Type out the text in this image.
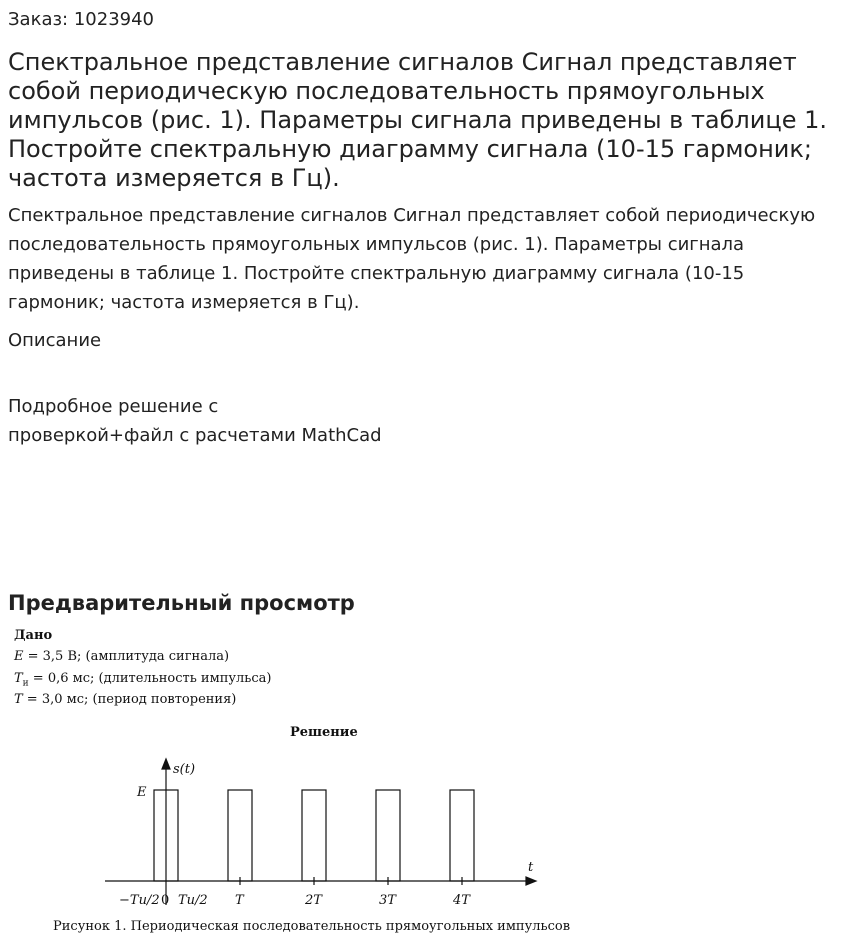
Заказ: 1023940
Спектральное представление сигналов Сигнал представляет собой периодическую последовательность прямоугольных импульсов (рис. 1). Параметры сигнала приведены в таблице 1. Постройте спектральную диаграмму сигнала (10-15 гармоник; частота измеряется в Гц).
Спектральное представление сигналов Сигнал представляет собой периодическую последовательность прямоугольных импульсов (рис. 1). Параметры сигнала приведены в таблице 1. Постройте спектральную диаграмму сигнала (10-15 гармоник; частота измеряется в Гц).
Описание
Подробное решение с
проверкой+файл с расчетами MathCad
Предварительный просмотр
Дано
E = 3,5 В; (амплитуда сигнала)
$T_и = 0,6$ мс; (длительность импульса)
T = 3,0 мс; (период повторения)
Решение
s(t)
t
E
−Tи/2 0 Tи/2 T	2T	3T	4T
Рисунок 1. Периодическая последовательность прямоугольных импульсов
